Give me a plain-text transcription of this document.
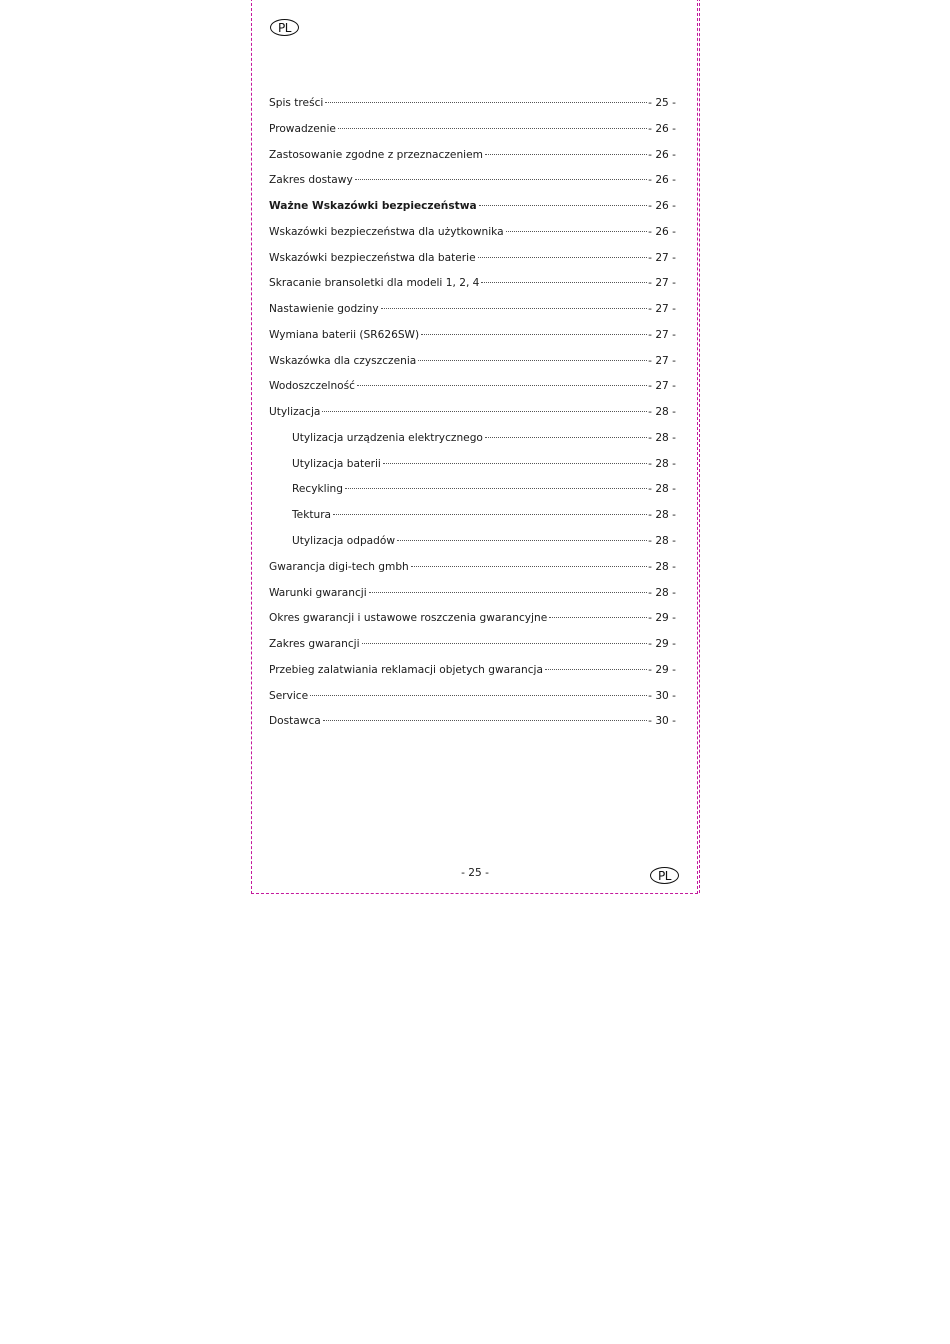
PL
Spis treści	- 25 -
Prowadzenie	- 26 -
Zastosowanie zgodne z przeznaczeniem	- 26 -
Zakres dostawy	- 26 -
Ważne Wskazówki bezpieczeństwa	- 26 -
Wskazówki bezpieczeństwa dla użytkownika	- 26 -
Wskazówki bezpieczeństwa dla baterie	- 27 -
Skracanie bransoletki dla modeli 1, 2, 4	- 27 -
Nastawienie godziny	- 27 -
Wymiana baterii (SR626SW)	- 27 -
Wskazówka dla czyszczenia	- 27 -
Wodoszczelność	- 27 -
Utylizacja	- 28 -
Utylizacja urządzenia elektrycznego	- 28 -
Utylizacja baterii	- 28 -
Recykling	- 28 -
Tektura	- 28 -
Utylizacja odpadów	- 28 -
Gwarancja digi-tech gmbh	- 28 -
Warunki gwarancji	- 28 -
Okres gwarancji i ustawowe roszczenia gwarancyjne	- 29 -
Zakres gwarancji	- 29 -
Przebieg zalatwiania reklamacji objetych gwarancja	- 29 -
Service	- 30 -
Dostawca	- 30 -
- 25 -	PL
